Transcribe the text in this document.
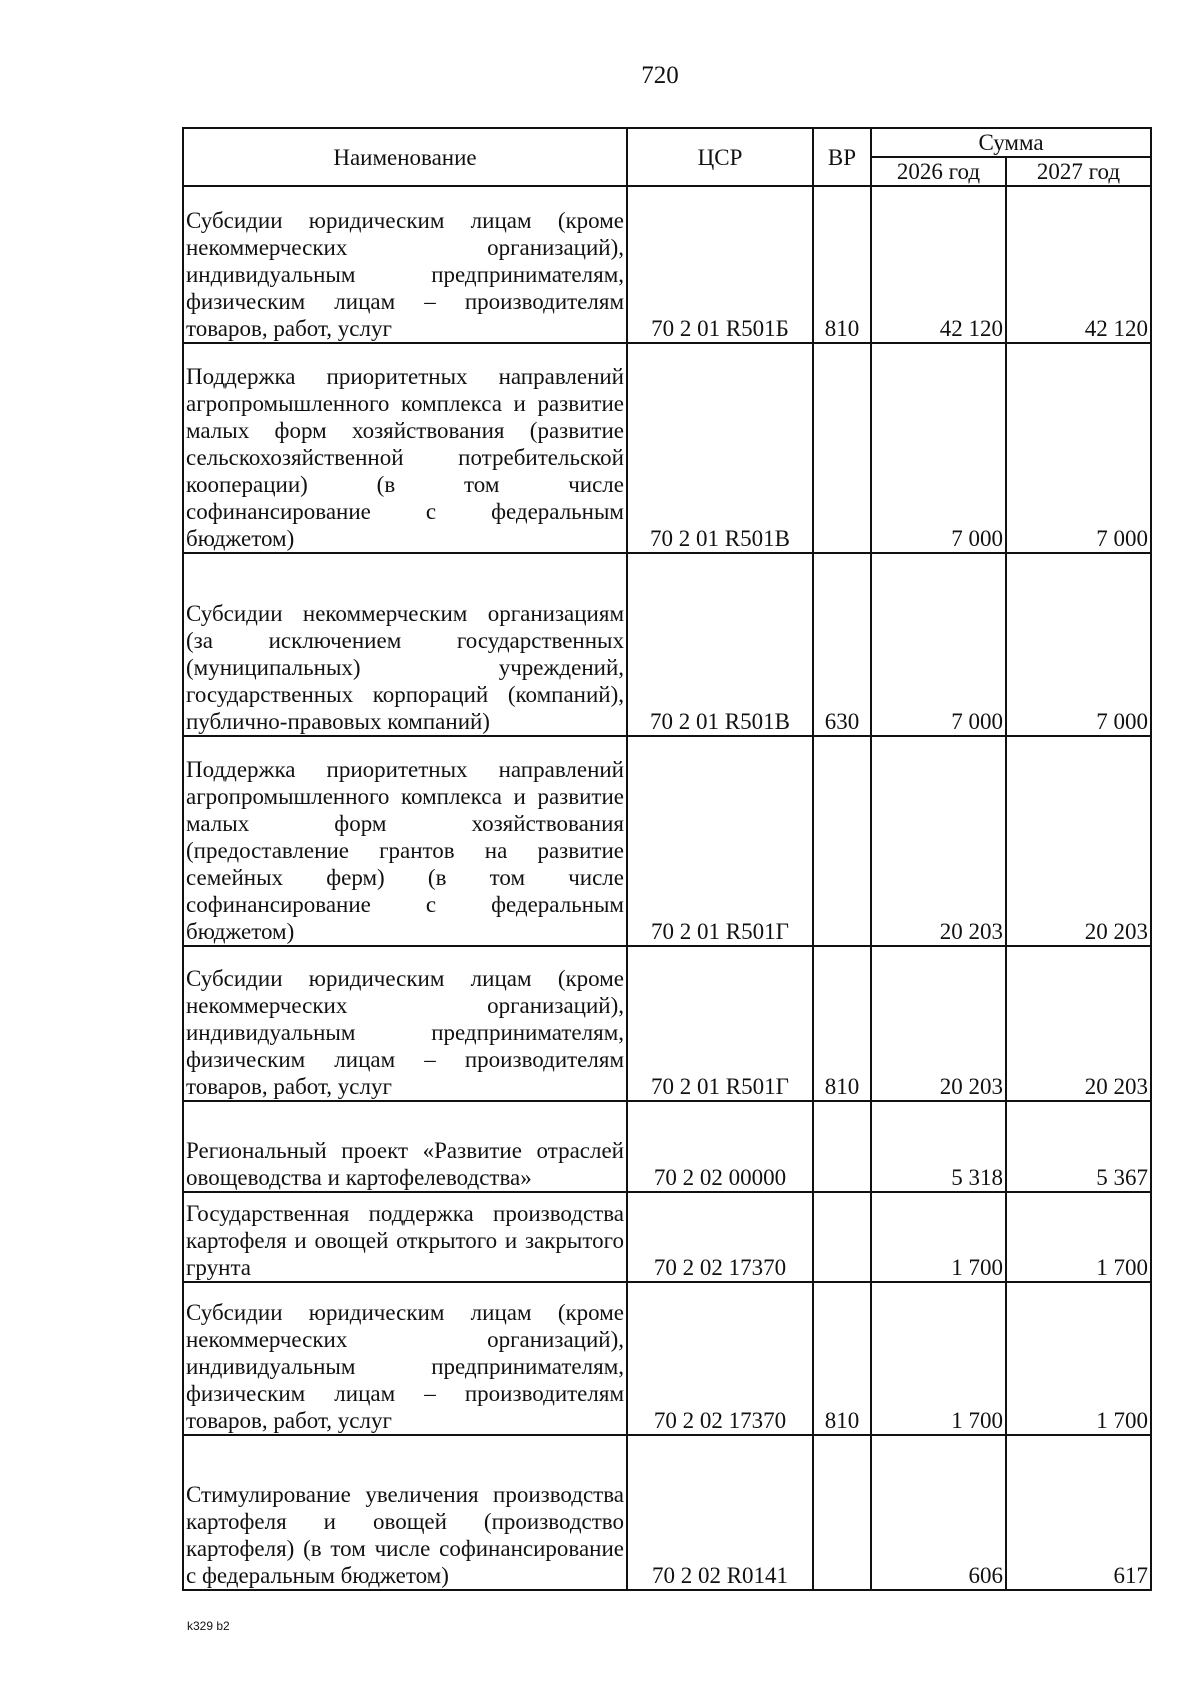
720
Наименование	ЦСР	ВР	Сумма	
			2026 год	2027 год
Субсидии юридическим лицам (кроме некоммерческих организаций), индивидуальным предпринимателям, физическим лицам – производителям товаров, работ, услуг	70 2 01 R501Б	810	42 120	42 120
Поддержка приоритетных направлений агропромышленного комплекса и развитие малых форм хозяйствования (развитие сельскохозяйственной потребительской кооперации) (в том числе софинансирование с федеральным бюджетом)	70 2 01 R501В		7 000	7 000
Субсидии некоммерческим организациям (за исключением государственных (муниципальных) учреждений, государственных корпораций (компаний), публично-правовых компаний)	70 2 01 R501В	630	7 000	7 000
Поддержка приоритетных направлений агропромышленного комплекса и развитие малых форм хозяйствования (предоставление грантов на развитие семейных ферм) (в том числе софинансирование с федеральным бюджетом)	70 2 01 R501Г		20 203	20 203
Субсидии юридическим лицам (кроме некоммерческих организаций), индивидуальным предпринимателям, физическим лицам – производителям товаров, работ, услуг	70 2 01 R501Г	810	20 203	20 203
Региональный проект «Развитие отраслей овощеводства и картофелеводства»	70 2 02 00000		5 318	5 367
Государственная поддержка производства картофеля и овощей открытого и закрытого грунта	70 2 02 17370		1 700	1 700
Субсидии юридическим лицам (кроме некоммерческих организаций), индивидуальным предпринимателям, физическим лицам – производителям товаров, работ, услуг	70 2 02 17370	810	1 700	1 700
Стимулирование увеличения производства картофеля и овощей (производство картофеля) (в том числе софинансирование с федеральным бюджетом)	70 2 02 R0141		606	617
k329 b2
